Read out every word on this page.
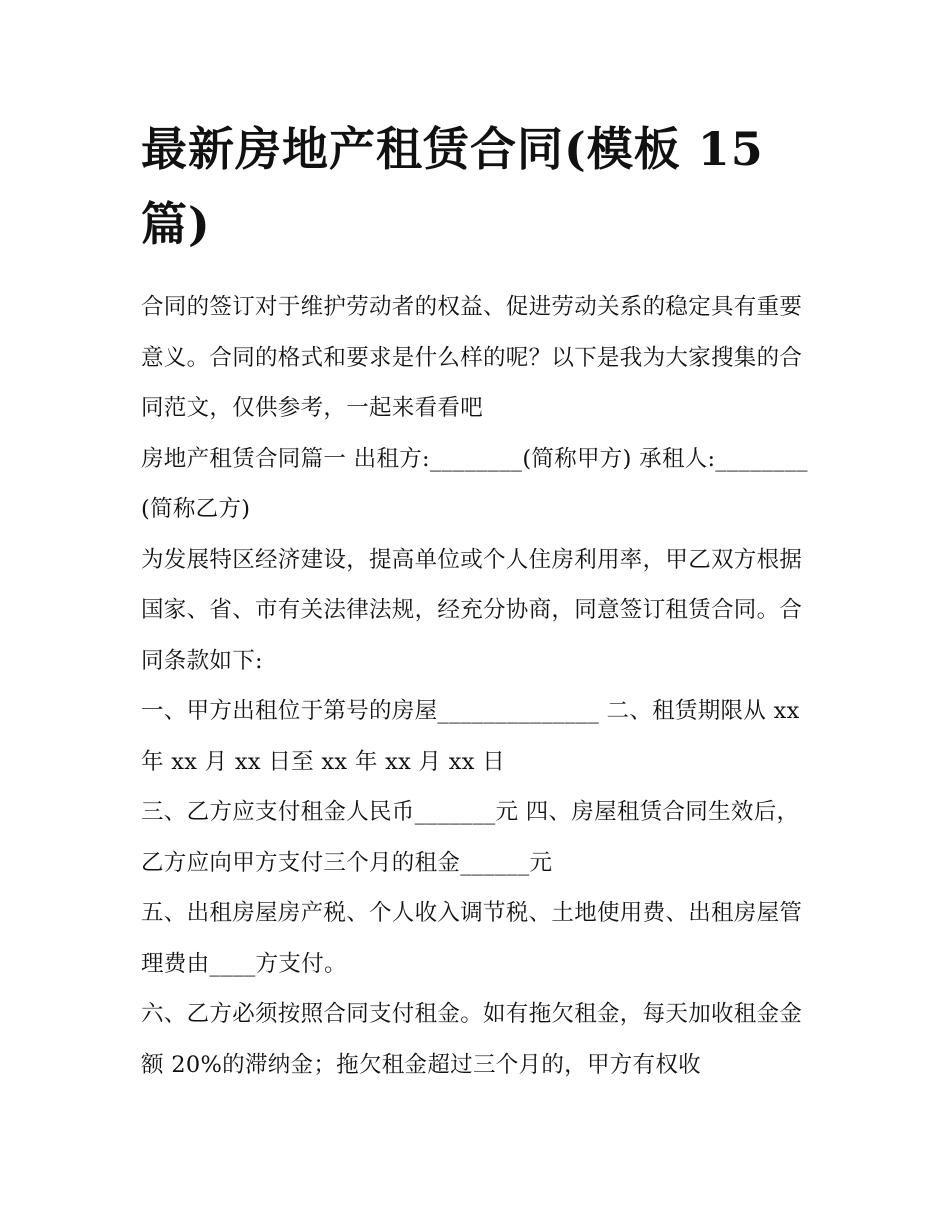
最新房地产租赁合同(模板 15 篇)

合同的签订对于维护劳动者的权益、促进劳动关系的稳定具有重要意义。合同的格式和要求是什么样的呢？以下是我为大家搜集的合同范文，仅供参考，一起来看看吧

房地产租赁合同篇一 出租方:________(简称甲方) 承租人:________(简称乙方)

为发展特区经济建设，提高单位或个人住房利用率，甲乙双方根据国家、省、市有关法律法规，经充分协商，同意签订租赁合同。合同条款如下:

一、甲方出租位于第号的房屋______________ 二、租赁期限从 xx 年 xx 月 xx 日至 xx 年 xx 月 xx 日

三、乙方应支付租金人民币_______元 四、房屋租赁合同生效后，乙方应向甲方支付三个月的租金______元

五、出租房屋房产税、个人收入调节税、土地使用费、出租房屋管理费由____方支付。

六、乙方必须按照合同支付租金。如有拖欠租金，每天加收租金金额 20%的滞纳金；拖欠租金超过三个月的，甲方有权收
